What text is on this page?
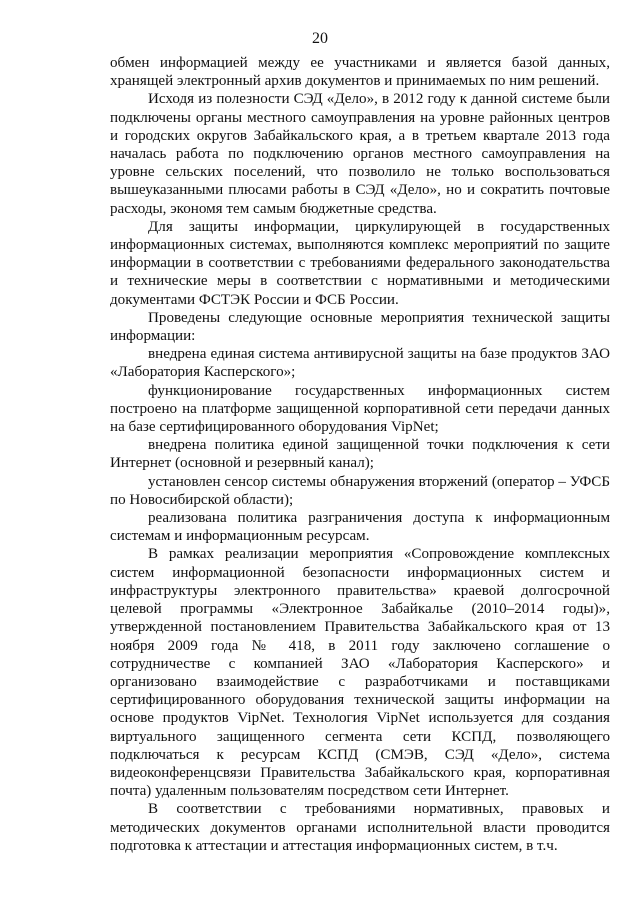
20

обмен информацией между ее участниками и является базой данных, хранящей электронный архив документов и принимаемых по ним решений.

Исходя из полезности СЭД «Дело», в 2012 году к данной системе были подключены органы местного самоуправления на уровне районных центров и городских округов Забайкальского края, а в третьем квартале 2013 года началась работа по подключению органов местного самоуправления на уровне сельских поселений, что позволило не только воспользоваться вышеуказанными плюсами работы в СЭД «Дело», но и сократить почтовые расходы, экономя тем самым бюджетные средства.

Для защиты информации, циркулирующей в государственных информационных системах, выполняются комплекс мероприятий по защите информации в соответствии с требованиями федерального законодательства и технические меры в соответствии с нормативными и методическими документами ФСТЭК России и ФСБ России.

Проведены следующие основные мероприятия технической защиты информации:

внедрена единая система антивирусной защиты на базе продуктов ЗАО «Лаборатория Касперского»;

функционирование государственных информационных систем построено на платформе защищенной корпоративной сети передачи данных на базе сертифицированного оборудования VipNet;

внедрена политика единой защищенной точки подключения к сети Интернет (основной и резервный канал);

установлен сенсор системы обнаружения вторжений (оператор – УФСБ по Новосибирской области);

реализована политика разграничения доступа к информационным системам и информационным ресурсам.

В рамках реализации мероприятия «Сопровождение комплексных систем информационной безопасности информационных систем и инфраструктуры электронного правительства» краевой долгосрочной целевой программы «Электронное Забайкалье (2010–2014 годы)», утвержденной постановлением Правительства Забайкальского края от 13 ноября 2009 года № 418, в 2011 году заключено соглашение о сотрудничестве с компанией ЗАО «Лаборатория Касперского» и организовано взаимодействие с разработчиками и поставщиками сертифицированного оборудования технической защиты информации на основе продуктов VipNet. Технология VipNet используется для создания виртуального защищенного сегмента сети КСПД, позволяющего подключаться к ресурсам КСПД (СМЭВ, СЭД «Дело», система видеоконференцсвязи Правительства Забайкальского края, корпоративная почта) удаленным пользователям посредством сети Интернет.

В соответствии с требованиями нормативных, правовых и методических документов органами исполнительной власти проводится подготовка к аттестации и аттестация информационных систем, в т.ч.
